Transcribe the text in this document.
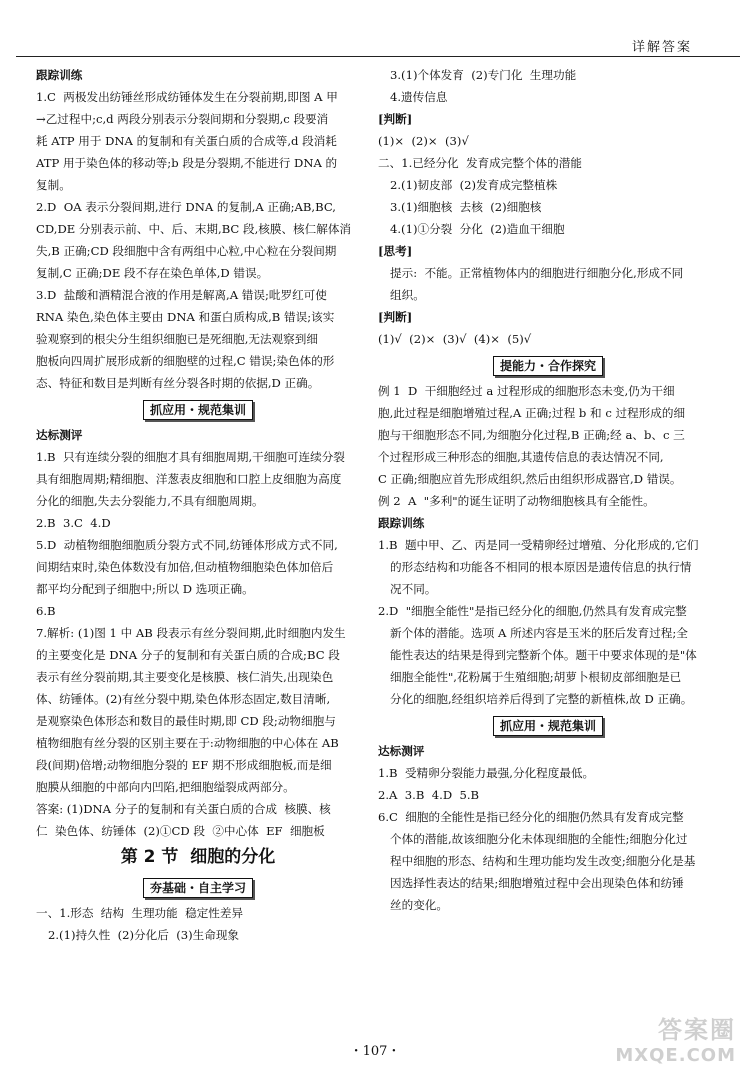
详解答案

跟踪训练

1.C  两极发出纺锤丝形成纺锤体发生在分裂前期,即图 A 甲

→乙过程中;c,d 两段分别表示分裂间期和分裂期,c 段要消

耗 ATP 用于 DNA 的复制和有关蛋白质的合成等,d 段消耗

ATP 用于染色体的移动等;b 段是分裂期,不能进行 DNA 的

复制。

2.D  OA 表示分裂间期,进行 DNA 的复制,A 正确;AB,BC,

CD,DE 分别表示前、中、后、末期,BC 段,核膜、核仁解体消

失,B 正确;CD 段细胞中含有两组中心粒,中心粒在分裂间期

复制,C 正确;DE 段不存在染色单体,D 错误。

3.D  盐酸和酒精混合液的作用是解离,A 错误;吡罗红可使

RNA 染色,染色体主要由 DNA 和蛋白质构成,B 错误;该实

验观察到的根尖分生组织细胞已是死细胞,无法观察到细

胞板向四周扩展形成新的细胞壁的过程,C 错误;染色体的形

态、特征和数目是判断有丝分裂各时期的依据,D 正确。

抓应用・规范集训

达标测评

1.B  只有连续分裂的细胞才具有细胞周期,干细胞可连续分裂

具有细胞周期;精细胞、洋葱表皮细胞和口腔上皮细胞为高度

分化的细胞,失去分裂能力,不具有细胞周期。

2.B  3.C  4.D

5.D  动植物细胞细胞质分裂方式不同,纺锤体形成方式不同,

间期结束时,染色体数没有加倍,但动植物细胞染色体加倍后

都平均分配到子细胞中;所以 D 选项正确。

6.B

7.解析: (1)图 1 中 AB 段表示有丝分裂间期,此时细胞内发生

的主要变化是 DNA 分子的复制和有关蛋白质的合成;BC 段

表示有丝分裂前期,其主要变化是核膜、核仁消失,出现染色

体、纺锤体。(2)有丝分裂中期,染色体形态固定,数目清晰,

是观察染色体形态和数目的最佳时期,即 CD 段;动物细胞与

植物细胞有丝分裂的区别主要在于:动物细胞的中心体在 AB

段(间期)倍增;动物细胞分裂的 EF 期不形成细胞板,而是细

胞膜从细胞的中部向内凹陷,把细胞缢裂成两部分。

答案: (1)DNA 分子的复制和有关蛋白质的合成  核膜、核

仁  染色体、纺锤体  (2)①CD 段  ②中心体  EF  细胞板

第 2 节  细胞的分化

夯基础・自主学习

一、1.形态  结构  生理功能  稳定性差异

2.(1)持久性  (2)分化后  (3)生命现象

3.(1)个体发育  (2)专门化  生理功能

4.遗传信息

[ 判断 ]

(1)×  (2)×  (3)√

二、1.已经分化  发育成完整个体的潜能

2.(1)韧皮部  (2)发育成完整植株

3.(1)细胞核  去核  (2)细胞核

4.(1)①分裂  分化  (2)造血干细胞

[ 思考 ]

提示:  不能。正常植物体内的细胞进行细胞分化,形成不同

组织。

[ 判断 ]

(1)√  (2)×  (3)√  (4)×  (5)√

提能力・合作探究

例 1  D  干细胞经过 a 过程形成的细胞形态未变,仍为干细

胞,此过程是细胞增殖过程,A 正确;过程 b 和 c 过程形成的细

胞与干细胞形态不同,为细胞分化过程,B 正确;经 a、b、c 三

个过程形成三种形态的细胞,其遗传信息的表达情况不同,

C 正确;细胞应首先形成组织,然后由组织形成器官,D 错误。

例 2  A  "多利"的诞生证明了动物细胞核具有全能性。

跟踪训练

1.B  题中甲、乙、丙是同一受精卵经过增殖、分化形成的,它们

的形态结构和功能各不相同的根本原因是遗传信息的执行情

况不同。

2.D  "细胞全能性"是指已经分化的细胞,仍然具有发育成完整

新个体的潜能。选项 A 所述内容是玉米的胚后发育过程;全

能性表达的结果是得到完整新个体。题干中要求体现的是"体

细胞全能性",花粉属于生殖细胞;胡萝卜根韧皮部细胞是已

分化的细胞,经组织培养后得到了完整的新植株,故 D 正确。

抓应用・规范集训

达标测评

1.B  受精卵分裂能力最强,分化程度最低。

2.A  3.B  4.D  5.B

6.C  细胞的全能性是指已经分化的细胞仍然具有发育成完整

个体的潜能,故该细胞分化未体现细胞的全能性;细胞分化过

程中细胞的形态、结构和生理功能均发生改变;细胞分化是基

因选择性表达的结果;细胞增殖过程中会出现染色体和纺锤

丝的变化。

・107・
答案圈
MXQE.COM
